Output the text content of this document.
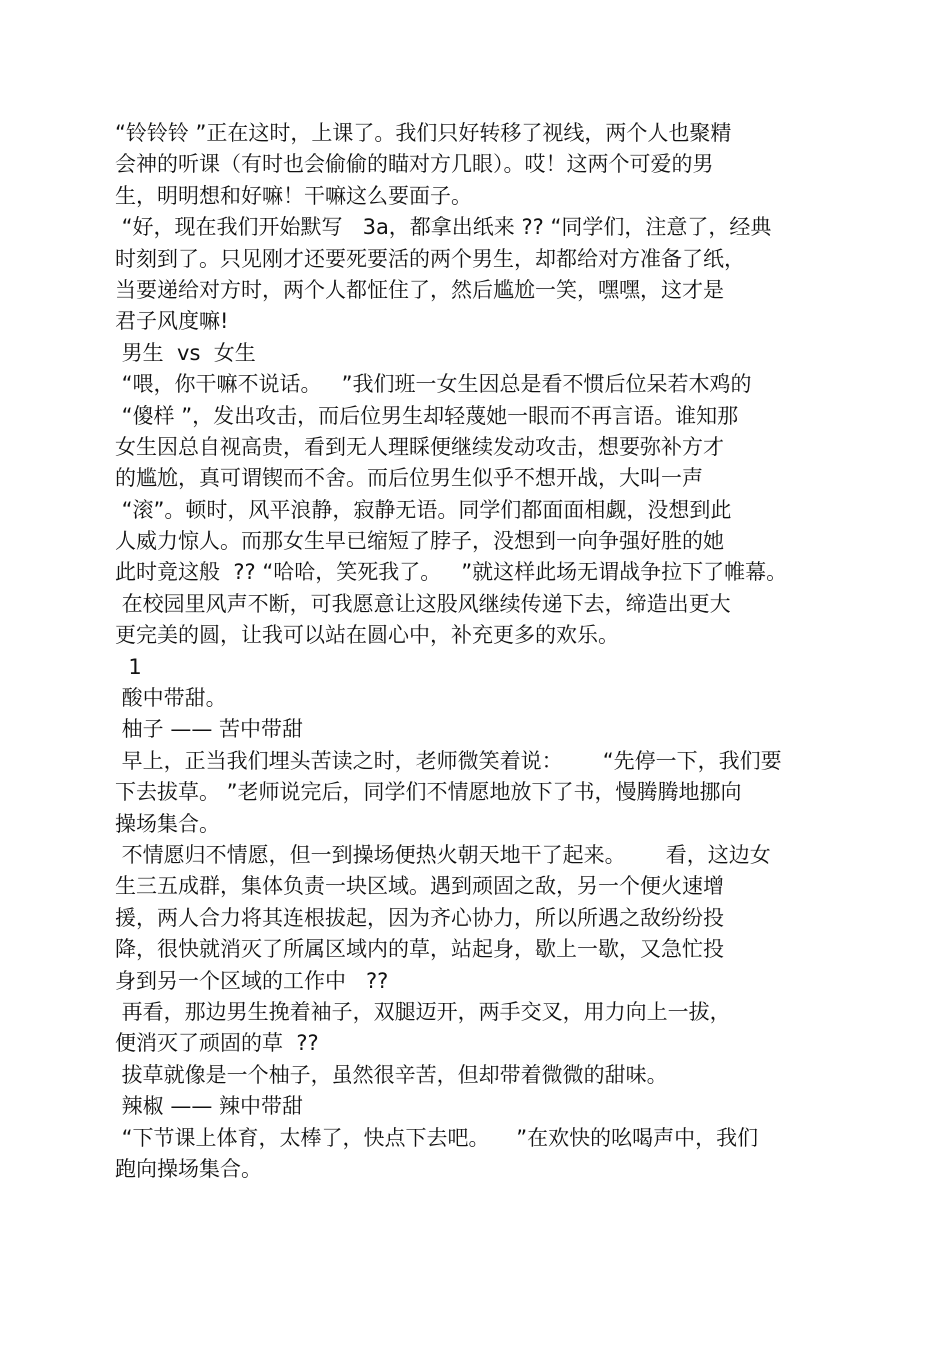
“铃铃铃 ”正在这时，上课了。我们只好转移了视线，两个人也聚精
会神的听课（有时也会偷偷的瞄对方几眼）。哎！这两个可爱的男
生，明明想和好嘛！干嘛这么要面子。
“好，现在我们开始默写   3a，都拿出纸来 ?? “同学们，注意了，经典
时刻到了。只见刚才还要死要活的两个男生，却都给对方准备了纸，
当要递给对方时，两个人都怔住了，然后尴尬一笑，嘿嘿，这才是
君子风度嘛!
男生  vs  女生
“喂，你干嘛不说话。   ”我们班一女生因总是看不惯后位呆若木鸡的
“傻样 ”，发出攻击，而后位男生却轻蔑她一眼而不再言语。谁知那
女生因总自视高贵，看到无人理睬便继续发动攻击，想要弥补方才
的尴尬，真可谓锲而不舍。而后位男生似乎不想开战，大叫一声
“滚”。顿时，风平浪静，寂静无语。同学们都面面相觑，没想到此
人威力惊人。而那女生早已缩短了脖子，没想到一向争强好胜的她
此时竟这般  ?? “哈哈，笑死我了。   ”就这样此场无谓战争拉下了帷幕。
在校园里风声不断，可我愿意让这股风继续传递下去，缔造出更大
更完美的圆，让我可以站在圆心中，补充更多的欢乐。
1
酸中带甜。
柚子 —— 苦中带甜
早上，正当我们埋头苦读之时，老师微笑着说：      “先停一下，我们要
下去拔草。 ”老师说完后，同学们不情愿地放下了书，慢腾腾地挪向
操场集合。
不情愿归不情愿，但一到操场便热火朝天地干了起来。      看，这边女
生三五成群，集体负责一块区域。遇到顽固之敌，另一个便火速增
援，两人合力将其连根拔起，因为齐心协力，所以所遇之敌纷纷投
降，很快就消灭了所属区域内的草，站起身，歇上一歇，又急忙投
身到另一个区域的工作中   ??
再看，那边男生挽着袖子，双腿迈开，两手交叉，用力向上一拔，
便消灭了顽固的草  ??
拔草就像是一个柚子，虽然很辛苦，但却带着微微的甜味。
辣椒 —— 辣中带甜
“下节课上体育，太棒了，快点下去吧。    ”在欢快的吆喝声中，我们
跑向操场集合。
